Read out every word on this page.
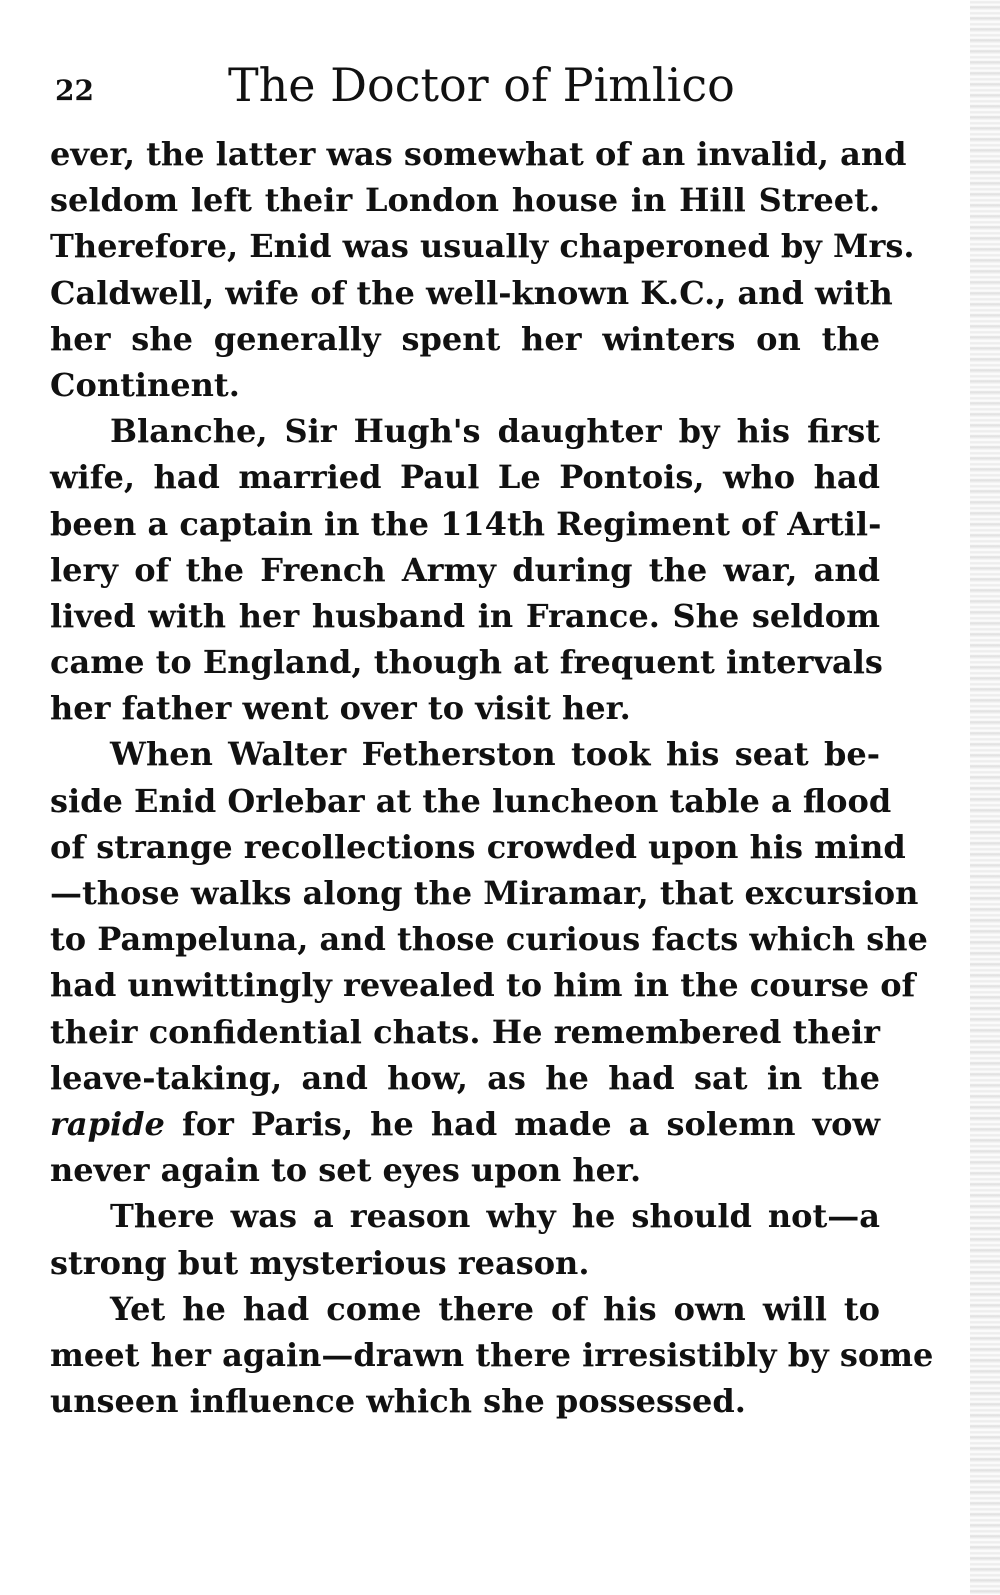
22	The Doctor of Pimlico
ever, the latter was somewhat of an invalid, and
seldom left their London house in Hill Street.
Therefore, Enid was usually chaperoned by Mrs.
Caldwell, wife of the well-known K.C., and with
her she generally spent her winters on the
Continent.
Blanche, Sir Hugh's daughter by his first
wife, had married Paul Le Pontois, who had
been a captain in the 114th Regiment of Artil-
lery of the French Army during the war, and
lived with her husband in France. She seldom
came to England, though at frequent intervals
her father went over to visit her.
When Walter Fetherston took his seat be-
side Enid Orlebar at the luncheon table a flood
of strange recollections crowded upon his mind
—those walks along the Miramar, that excursion
to Pampeluna, and those curious facts which she
had unwittingly revealed to him in the course of
their confidential chats. He remembered their
leave-taking, and how, as he had sat in the
rapide for Paris, he had made a solemn vow
never again to set eyes upon her.
There was a reason why he should not—a
strong but mysterious reason.
Yet he had come there of his own will to
meet her again—drawn there irresistibly by some
unseen influence which she possessed.
